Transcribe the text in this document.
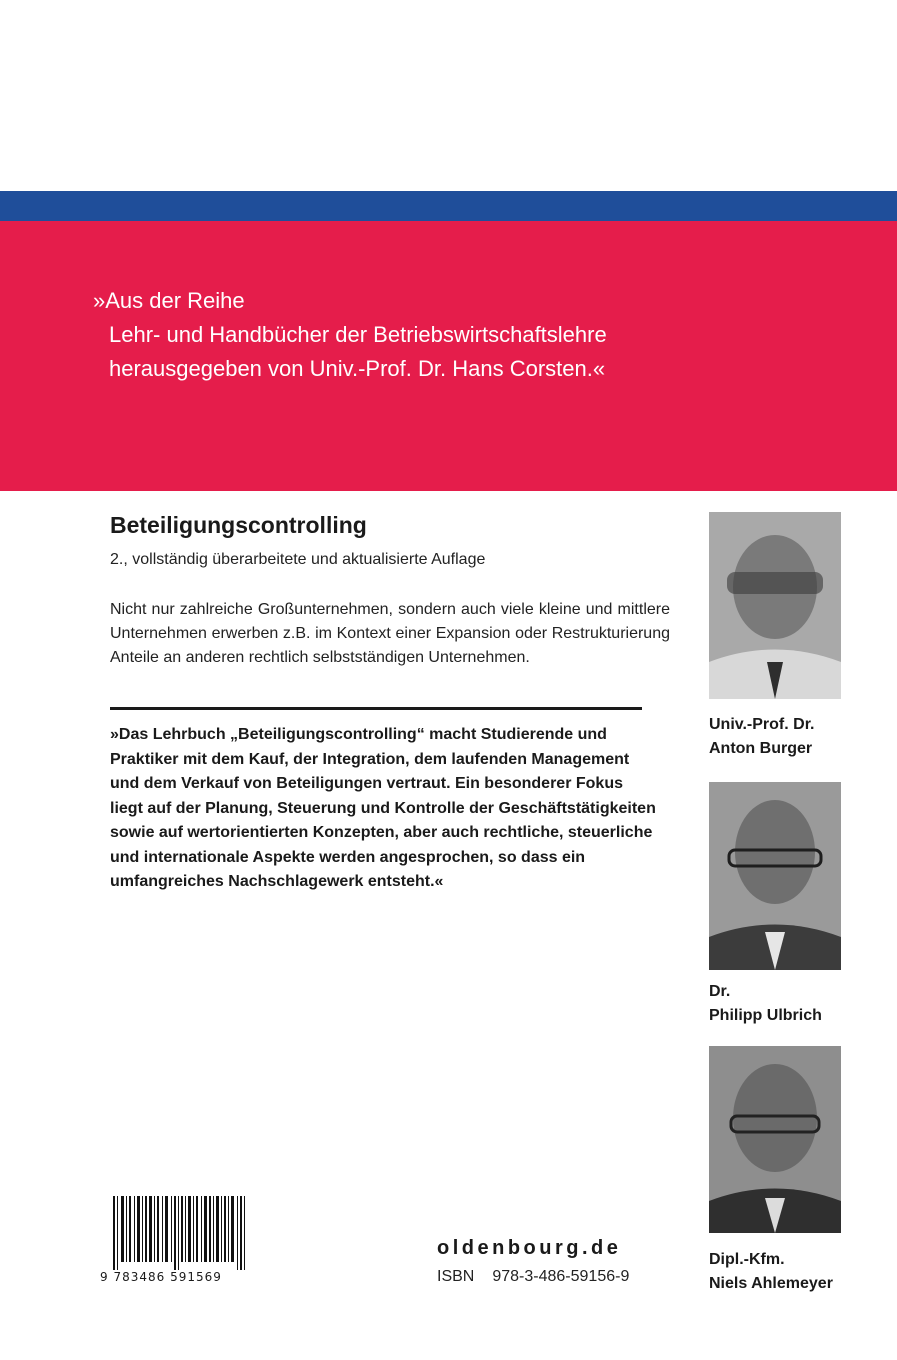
»Aus der Reihe
Lehr- und Handbücher der Betriebswirtschaftslehre
herausgegeben von Univ.-Prof. Dr. Hans Corsten.«
Beteiligungscontrolling
2., vollständig überarbeitete und aktualisierte Auflage
Nicht nur zahlreiche Großunternehmen, sondern auch viele kleine und mittlere Unternehmen erwerben z.B. im Kontext einer Expansion oder Restrukturierung Anteile an anderen rechtlich selbstständigen Unternehmen.
»Das Lehrbuch „Beteiligungscontrolling“ macht Studierende und Praktiker mit dem Kauf, der Integration, dem laufenden Management und dem Verkauf von Beteiligungen vertraut. Ein besonderer Fokus liegt auf der Planung, Steuerung und Kontrolle der Geschäftstätigkeiten sowie auf wertorientierten Konzepten, aber auch rechtliche, steuerliche und internationale Aspekte werden angesprochen, so dass ein umfangreiches Nachschlagewerk entsteht.«
Univ.-Prof. Dr.
Anton Burger
Dr.
Philipp Ulbrich
Dipl.-Kfm.
Niels Ahlemeyer
9 783486 591569
oldenbourg.de
ISBN 978-3-486-59156-9
